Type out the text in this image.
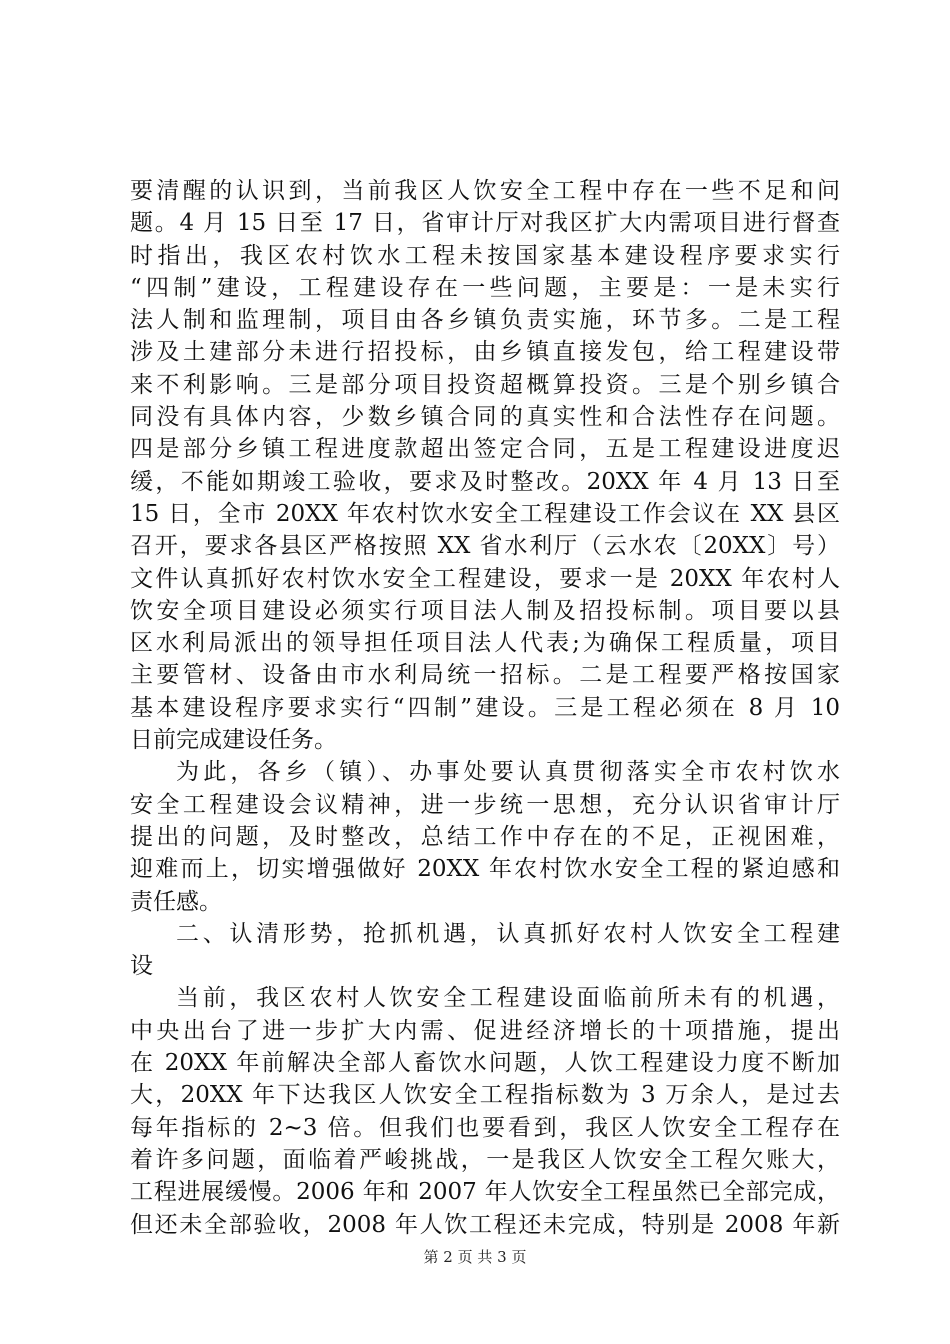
要清醒的认识到，当前我区人饮安全工程中存在一些不足和问
题。4 月 15 日至 17 日，省审计厅对我区扩大内需项目进行督查
时指出，我区农村饮水工程未按国家基本建设程序要求实行
“四制”建设，工程建设存在一些问题，主要是：一是未实行
法人制和监理制，项目由各乡镇负责实施，环节多。二是工程
涉及土建部分未进行招投标，由乡镇直接发包，给工程建设带
来不利影响。三是部分项目投资超概算投资。三是个别乡镇合
同没有具体内容，少数乡镇合同的真实性和合法性存在问题。
四是部分乡镇工程进度款超出签定合同，五是工程建设进度迟
缓，不能如期竣工验收，要求及时整改。20XX 年 4 月 13 日至
15 日，全市 20XX 年农村饮水安全工程建设工作会议在 XX 县区
召开，要求各县区严格按照 XX 省水利厅（云水农〔20XX〕号）
文件认真抓好农村饮水安全工程建设，要求一是 20XX 年农村人
饮安全项目建设必须实行项目法人制及招投标制。项目要以县
区水利局派出的领导担任项目法人代表;为确保工程质量，项目
主要管材、设备由市水利局统一招标。二是工程要严格按国家
基本建设程序要求实行“四制”建设。三是工程必须在 8 月 10
日前完成建设任务。
为此，各乡（镇）、办事处要认真贯彻落实全市农村饮水
安全工程建设会议精神，进一步统一思想，充分认识省审计厅
提出的问题，及时整改，总结工作中存在的不足，正视困难，
迎难而上，切实增强做好 20XX 年农村饮水安全工程的紧迫感和
责任感。
二、认清形势，抢抓机遇，认真抓好农村人饮安全工程建
设
当前，我区农村人饮安全工程建设面临前所未有的机遇，
中央出台了进一步扩大内需、促进经济增长的十项措施，提出
在 20XX 年前解决全部人畜饮水问题，人饮工程建设力度不断加
大，20XX 年下达我区人饮安全工程指标数为 3 万余人，是过去
每年指标的 2~3 倍。但我们也要看到，我区人饮安全工程存在
着许多问题，面临着严峻挑战，一是我区人饮安全工程欠账大，
工程进展缓慢。2006 年和 2007 年人饮安全工程虽然已全部完成，
但还未全部验收，2008 年人饮工程还未完成，特别是 2008 年新
第 2 页 共 3 页
